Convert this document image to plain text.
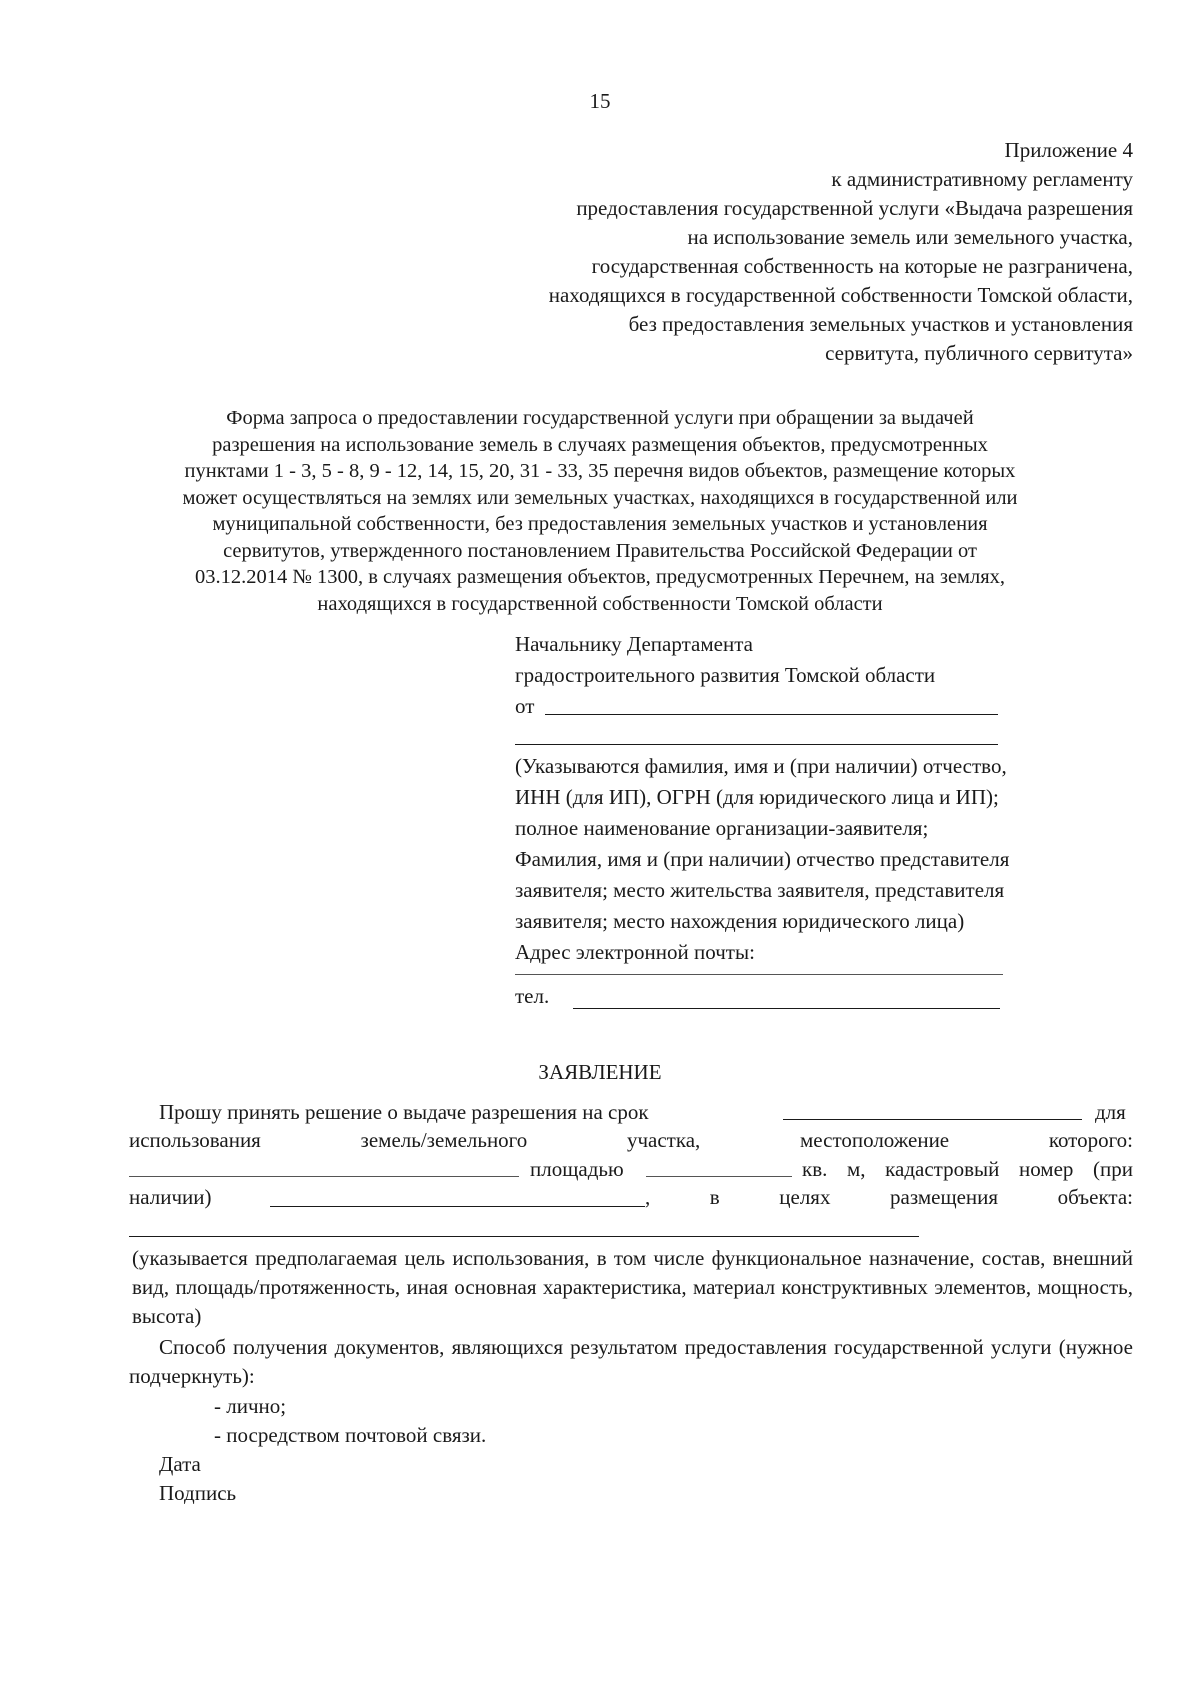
15
Приложение 4
к административному регламенту
предоставления государственной услуги «Выдача разрешения
на использование земель или земельного участка,
государственная собственность на которые не разграничена,
находящихся в государственной собственности Томской области,
без предоставления земельных участков и установления
сервитута, публичного сервитута»
Форма запроса о предоставлении государственной услуги при обращении за выдачей
разрешения на использование земель в случаях размещения объектов, предусмотренных
пунктами 1 - 3, 5 - 8, 9 - 12, 14, 15, 20, 31 - 33, 35 перечня видов объектов, размещение которых
может осуществляться на землях или земельных участках, находящихся в государственной или
муниципальной собственности, без предоставления земельных участков и установления
сервитутов, утвержденного постановлением Правительства Российской Федерации от
03.12.2014 № 1300, в случаях размещения объектов, предусмотренных Перечнем, на землях,
находящихся в государственной собственности Томской области
Начальнику Департамента
градостроительного развития Томской области
от
(Указываются фамилия, имя и (при наличии) отчество,
ИНН (для ИП), ОГРН (для юридического лица и ИП);
полное наименование организации-заявителя;
Фамилия, имя и (при наличии) отчество представителя
заявителя; место жительства заявителя, представителя
заявителя; место нахождения юридического лица)
Адрес электронной почты:
тел.
ЗАЯВЛЕНИЕ
Прошу принять решение о выдаче разрешения на срок	для
использования	земель/земельного	участка,	местоположение	которого:
площадью	кв. м, кадастровый номер (при
наличии)	,	в	целях	размещения	объекта:
(указывается предполагаемая цель использования, в том числе функциональное назначение, состав, внешний вид, площадь/протяженность, иная основная характеристика, материал конструктивных элементов, мощность, высота)
Способ получения документов, являющихся результатом предоставления государственной услуги (нужное подчеркнуть):
- лично;
- посредством почтовой связи.
Дата
Подпись
